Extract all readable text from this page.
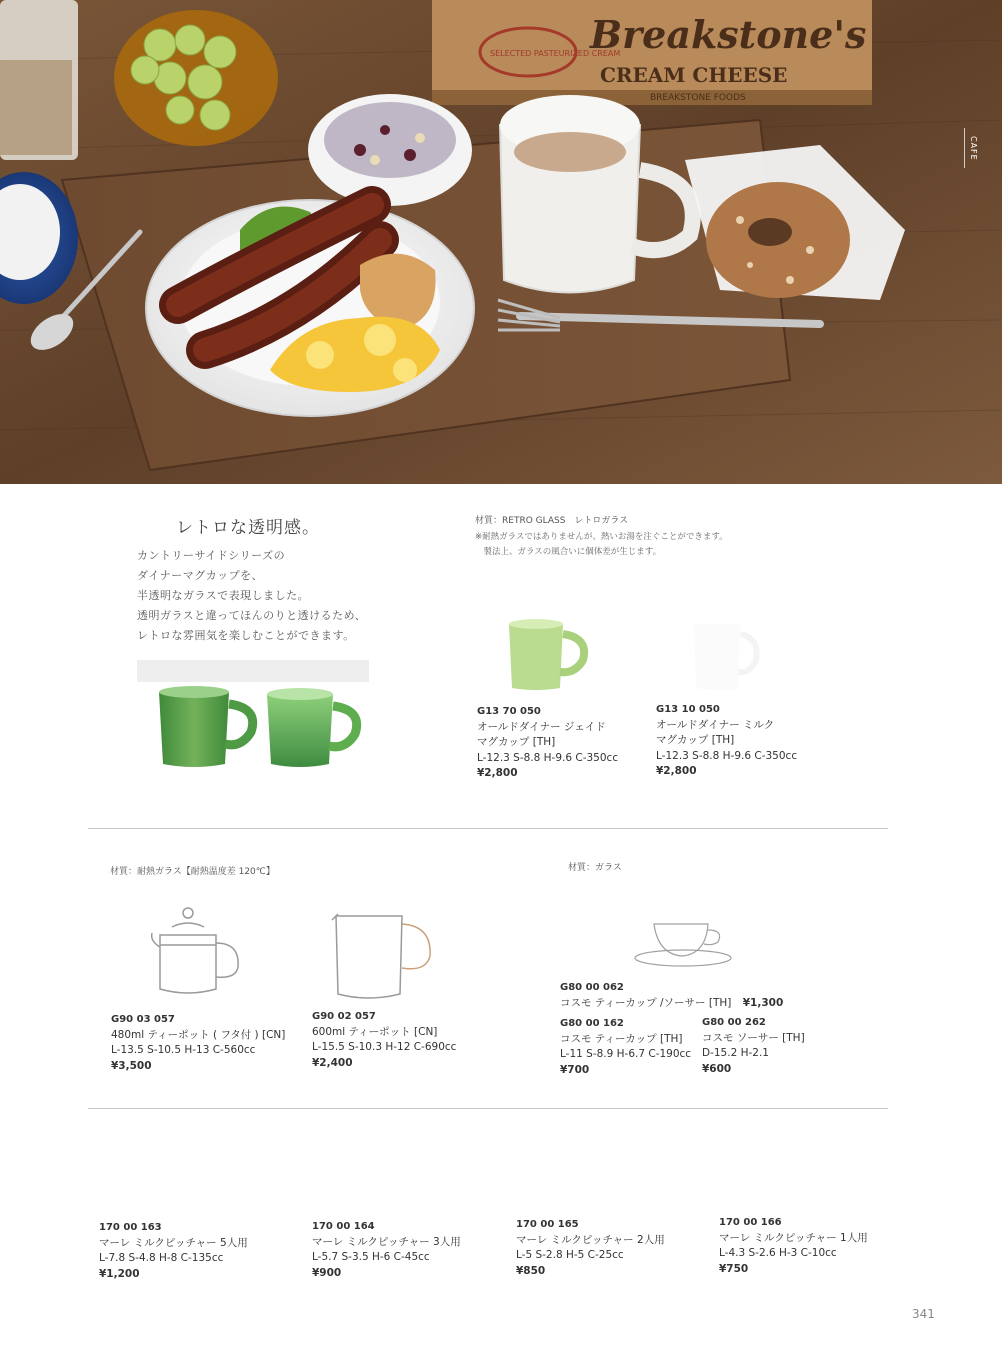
Breakstone's
CREAM CHEESE
BREAKSTONE FOODS
SELECTED PASTEURIZED CREAM
CAFE
レトロな透明感。
カントリーサイドシリーズの
ダイナーマグカップを、
半透明なガラスで表現しました。
透明ガラスと違ってほんのりと透けるため、
レトロな雰囲気を楽しむことができます。
材質：RETRO GLASS　レトロガラス
※耐熱ガラスではありませんが、熱いお湯を注ぐことができます。
　製法上、ガラスの風合いに個体差が生じます。
G13 70 050
オールドダイナー ジェイド
マグカップ [TH]
L-12.3 S-8.8 H-9.6 C-350cc
¥2,800
G13 10 050
オールドダイナー ミルク
マグカップ [TH]
L-12.3 S-8.8 H-9.6 C-350cc
¥2,800
材質：耐熱ガラス【耐熱温度差 120℃】	材質：ガラス
G90 03 057
480ml ティーポット ( フタ付 ) [CN]
L-13.5 S-10.5 H-13 C-560cc
¥3,500
G90 02 057
600ml ティーポット [CN]
L-15.5 S-10.3 H-12 C-690cc
¥2,400
G80 00 062
コスモ ティーカップ /ソーサー [TH] ¥1,300
G80 00 162
コスモ ティーカップ [TH]
L-11 S-8.9 H-6.7 C-190cc
¥700
G80 00 262
コスモ ソーサー [TH]
D-15.2 H-2.1
¥600
170 00 163
マーレ ミルクピッチャー 5人用
L-7.8 S-4.8 H-8 C-135cc
¥1,200
170 00 164
マーレ ミルクピッチャー 3人用
L-5.7 S-3.5 H-6 C-45cc
¥900
170 00 165
マーレ ミルクピッチャー 2人用
L-5 S-2.8 H-5 C-25cc
¥850
170 00 166
マーレ ミルクピッチャー 1人用
L-4.3 S-2.6 H-3 C-10cc
¥750
341
